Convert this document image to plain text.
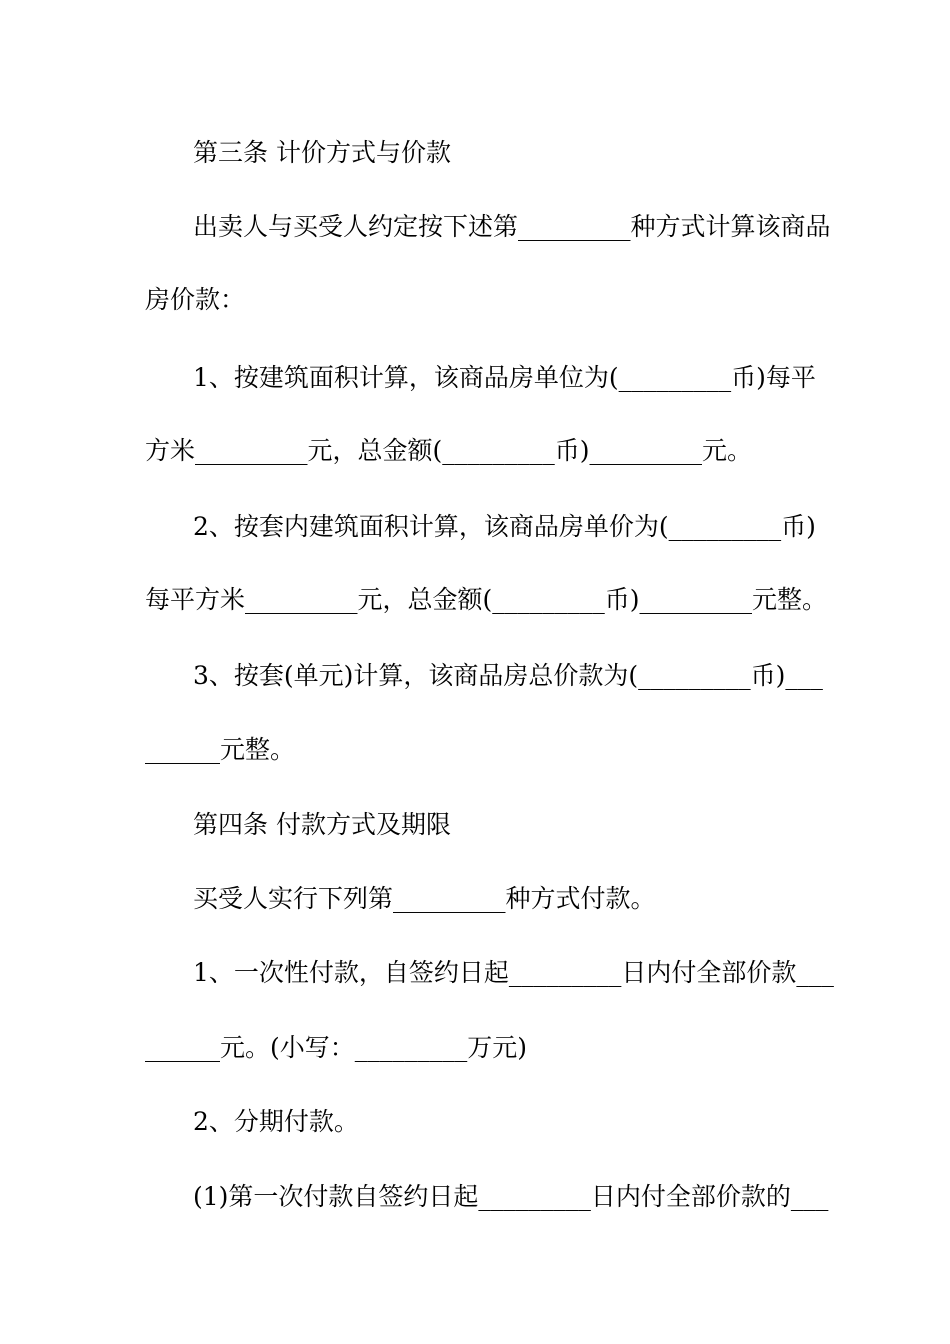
第三条 计价方式与价款
出卖人与买受人约定按下述第_________种方式计算该商品
房价款：
1、按建筑面积计算，该商品房单位为(_________币)每平
方米_________元，总金额(_________币)_________元。
2、按套内建筑面积计算，该商品房单价为(_________币)
每平方米_________元，总金额(_________币)_________元整。
3、按套(单元)计算，该商品房总价款为(_________币)___
______元整。
第四条 付款方式及期限
买受人实行下列第_________种方式付款。
1、一次性付款，自签约日起_________日内付全部价款___
______元。(小写：_________万元)
2、分期付款。
(1)第一次付款自签约日起_________日内付全部价款的___
